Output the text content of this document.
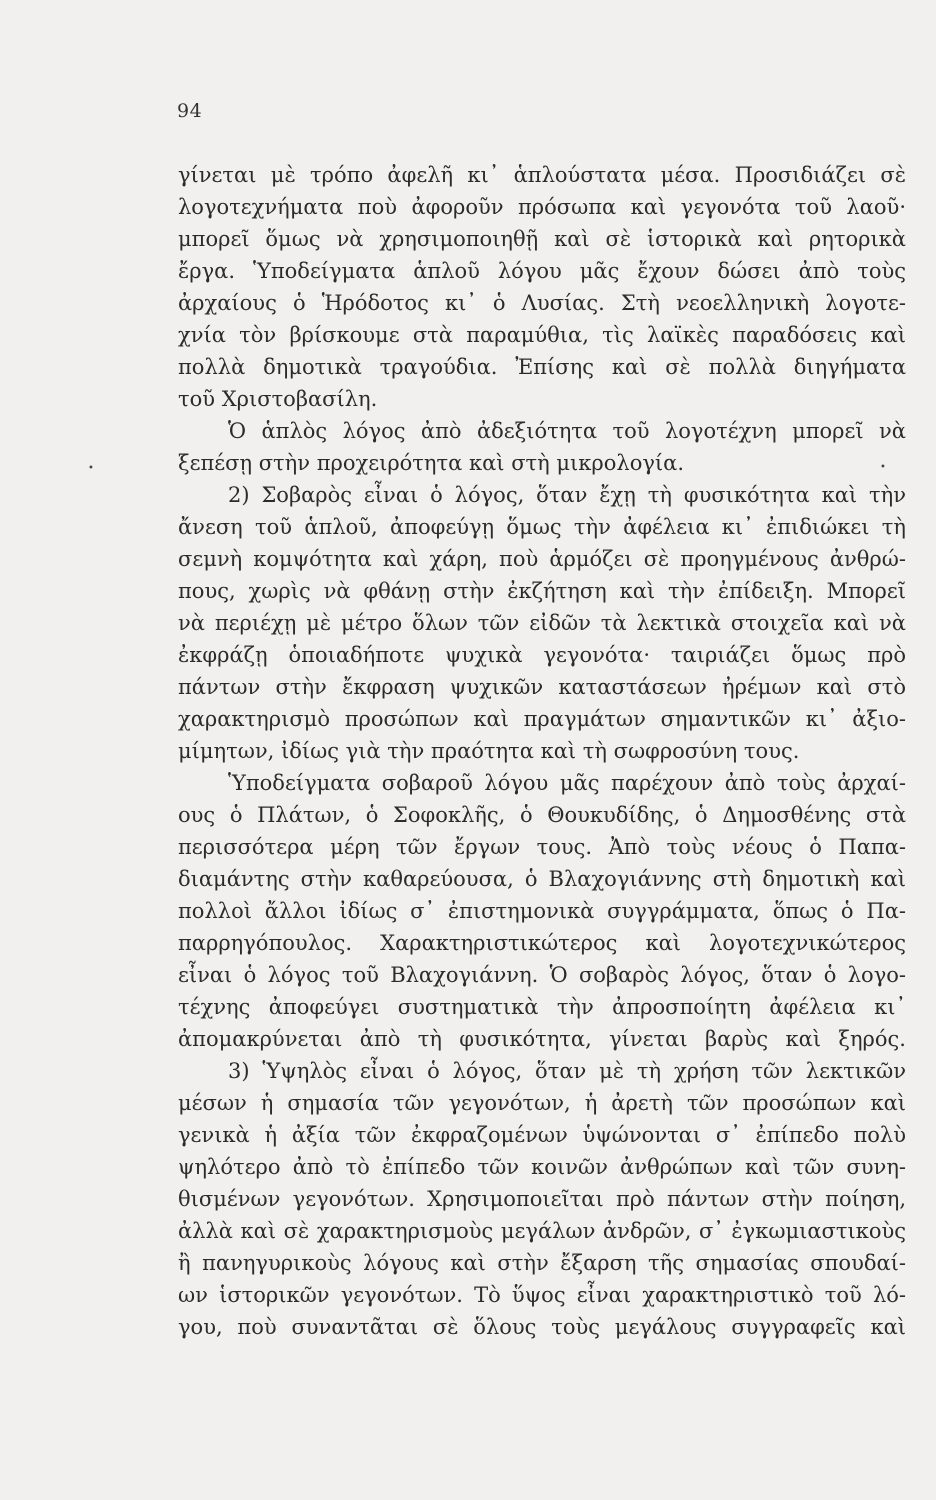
94
•	•
γίνεται μὲ τρόπο ἀφελῆ κι᾿ ἁπλούστατα μέσα. Προσιδιάζει σὲ
λογοτεχνήματα ποὺ ἀφοροῦν πρόσωπα καὶ γεγονότα τοῦ λαοῦ·
μπορεῖ ὅμως νὰ χρησιμοποιηθῇ καὶ σὲ ἱστορικὰ καὶ ρητορικὰ
ἔργα. Ὑποδείγματα ἁπλοῦ λόγου μᾶς ἔχουν δώσει ἀπὸ τοὺς
ἀρχαίους ὁ Ἡρόδοτος κι᾿ ὁ Λυσίας. Στὴ νεοελληνικὴ λογοτε-
χνία τὸν βρίσκουμε στὰ παραμύθια, τὶς λαϊκὲς παραδόσεις καὶ
πολλὰ δημοτικὰ τραγούδια. Ἐπίσης καὶ σὲ πολλὰ διηγήματα
τοῦ Χριστοβασίλη.
Ὁ ἁπλὸς λόγος ἀπὸ ἀδεξιότητα τοῦ λογοτέχνη μπορεῖ νὰ
ξεπέσῃ στὴν προχειρότητα καὶ στὴ μικρολογία.
2) Σοβαρὸς εἶναι ὁ λόγος, ὅταν ἔχῃ τὴ φυσικότητα καὶ τὴν
ἄνεση τοῦ ἁπλοῦ, ἀποφεύγῃ ὅμως τὴν ἀφέλεια κι᾿ ἐπιδιώκει τὴ
σεμνὴ κομψότητα καὶ χάρη, ποὺ ἁρμόζει σὲ προηγμένους ἀνθρώ-
πους, χωρὶς νὰ φθάνῃ στὴν ἐκζήτηση καὶ τὴν ἐπίδειξη. Μπορεῖ
νὰ περιέχῃ μὲ μέτρο ὅλων τῶν εἰδῶν τὰ λεκτικὰ στοιχεῖα καὶ νὰ
ἐκφράζῃ ὁποιαδήποτε ψυχικὰ γεγονότα· ταιριάζει ὅμως πρὸ
πάντων στὴν ἔκφραση ψυχικῶν καταστάσεων ἠρέμων καὶ στὸ
χαρακτηρισμὸ προσώπων καὶ πραγμάτων σημαντικῶν κι᾿ ἀξιο-
μίμητων, ἰδίως γιὰ τὴν πραότητα καὶ τὴ σωφροσύνη τους.
Ὑποδείγματα σοβαροῦ λόγου μᾶς παρέχουν ἀπὸ τοὺς ἀρχαί-
ους ὁ Πλάτων, ὁ Σοφοκλῆς, ὁ Θουκυδίδης, ὁ Δημοσθένης στὰ
περισσότερα μέρη τῶν ἔργων τους. Ἀπὸ τοὺς νέους ὁ Παπα-
διαμάντης στὴν καθαρεύουσα, ὁ Βλαχογιάννης στὴ δημοτικὴ καὶ
πολλοὶ ἄλλοι ἰδίως σ᾿ ἐπιστημονικὰ συγγράμματα, ὅπως ὁ Πα-
παρρηγόπουλος. Χαρακτηριστικώτερος καὶ λογοτεχνικώτερος
εἶναι ὁ λόγος τοῦ Βλαχογιάννη. Ὁ σοβαρὸς λόγος, ὅταν ὁ λογο-
τέχνης ἀποφεύγει συστηματικὰ τὴν ἀπροσποίητη ἀφέλεια κι᾿
ἀπομακρύνεται ἀπὸ τὴ φυσικότητα, γίνεται βαρὺς καὶ ξηρός.
3) Ὑψηλὸς εἶναι ὁ λόγος, ὅταν μὲ τὴ χρήση τῶν λεκτικῶν
μέσων ἡ σημασία τῶν γεγονότων, ἡ ἀρετὴ τῶν προσώπων καὶ
γενικὰ ἡ ἀξία τῶν ἐκφραζομένων ὑψώνονται σ᾿ ἐπίπεδο πολὺ
ψηλότερο ἀπὸ τὸ ἐπίπεδο τῶν κοινῶν ἀνθρώπων καὶ τῶν συνη-
θισμένων γεγονότων. Χρησιμοποιεῖται πρὸ πάντων στὴν ποίηση,
ἀλλὰ καὶ σὲ χαρακτηρισμοὺς μεγάλων ἀνδρῶν, σ᾿ ἐγκωμιαστικοὺς
ἢ πανηγυρικοὺς λόγους καὶ στὴν ἔξαρση τῆς σημασίας σπουδαί-
ων ἱστορικῶν γεγονότων. Τὸ ὕψος εἶναι χαρακτηριστικὸ τοῦ λό-
γου, ποὺ συναντᾶται σὲ ὅλους τοὺς μεγάλους συγγραφεῖς καὶ
